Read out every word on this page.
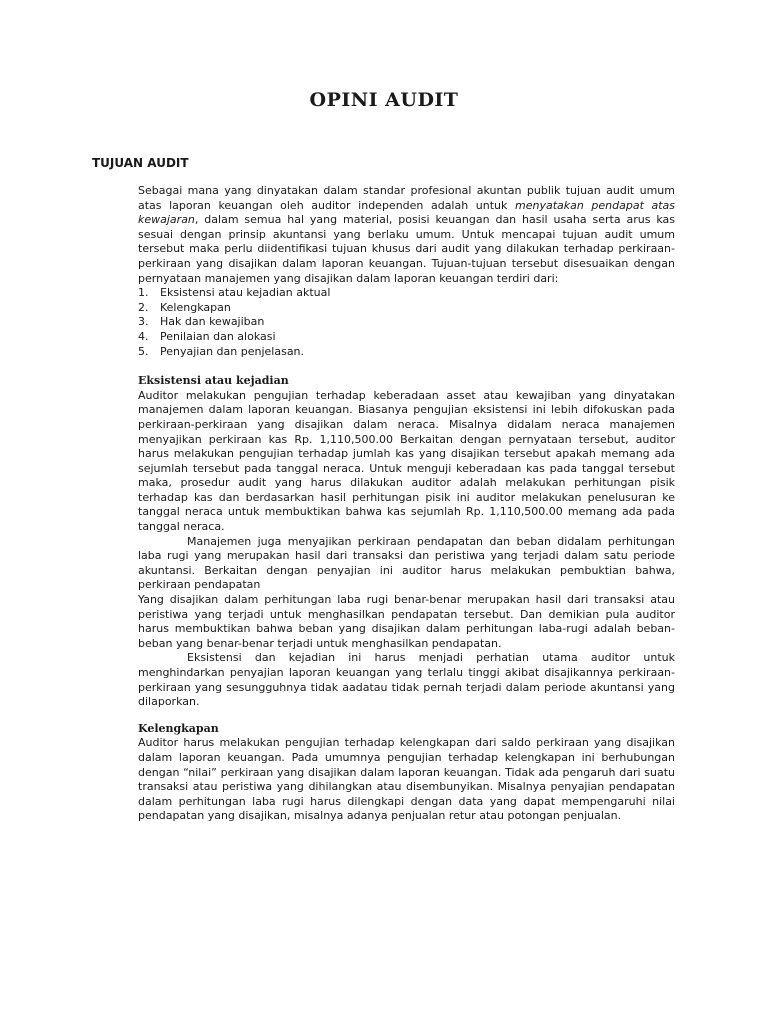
OPINI AUDIT
TUJUAN AUDIT

Sebagai mana yang dinyatakan dalam standar profesional akuntan publik tujuan audit umum atas laporan keuangan oleh auditor independen adalah untuk menyatakan pendapat atas kewajaran, dalam semua hal yang material, posisi keuangan dan hasil usaha serta arus kas sesuai dengan prinsip akuntansi yang berlaku umum. Untuk mencapai tujuan audit umum tersebut maka perlu diidentifikasi tujuan khusus dari audit yang dilakukan terhadap perkiraan-perkiraan yang disajikan dalam laporan keuangan. Tujuan-tujuan tersebut disesuaikan dengan pernyataan manajemen yang disajikan dalam laporan keuangan terdiri dari:

1. Eksistensi atau kejadian aktual
2. Kelengkapan
3. Hak dan kewajiban
4. Penilaian dan alokasi
5. Penyajian dan penjelasan.
Eksistensi atau kejadian

Auditor melakukan pengujian terhadap keberadaan asset atau kewajiban yang dinyatakan manajemen dalam laporan keuangan. Biasanya pengujian eksistensi ini lebih difokuskan pada perkiraan-perkiraan yang disajikan dalam neraca. Misalnya didalam neraca manajemen menyajikan perkiraan kas Rp. 1,110,500.00 Berkaitan dengan pernyataan tersebut, auditor harus melakukan pengujian terhadap jumlah kas yang disajikan tersebut apakah memang ada sejumlah tersebut pada tanggal neraca. Untuk menguji keberadaan kas pada tanggal tersebut maka, prosedur audit yang harus dilakukan auditor adalah melakukan perhitungan pisik terhadap kas dan berdasarkan hasil perhitungan pisik ini auditor melakukan penelusuran ke tanggal neraca untuk membuktikan bahwa kas sejumlah Rp. 1,110,500.00 memang ada pada tanggal neraca.

Manajemen juga menyajikan perkiraan pendapatan dan beban didalam perhitungan laba rugi yang merupakan hasil dari transaksi dan peristiwa yang terjadi dalam satu periode akuntansi. Berkaitan dengan penyajian ini auditor harus melakukan pembuktian bahwa, perkiraan pendapatan

Yang disajikan dalam perhitungan laba rugi benar-benar merupakan hasil dari transaksi atau peristiwa yang terjadi untuk menghasilkan pendapatan tersebut. Dan demikian pula auditor harus membuktikan bahwa beban yang disajikan dalam perhitungan laba-rugi adalah beban-beban yang benar-benar terjadi untuk menghasilkan pendapatan.

Eksistensi dan kejadian ini harus menjadi perhatian utama auditor untuk menghindarkan penyajian laporan keuangan yang terlalu tinggi akibat disajikannya perkiraan-perkiraan yang sesungguhnya tidak aadatau tidak pernah terjadi dalam periode akuntansi yang dilaporkan.

Kelengkapan

Auditor harus melakukan pengujian terhadap kelengkapan dari saldo perkiraan yang disajikan dalam laporan keuangan. Pada umumnya pengujian terhadap kelengkapan ini berhubungan dengan “nilai” perkiraan yang disajikan dalam laporan keuangan. Tidak ada pengaruh dari suatu transaksi atau peristiwa yang dihilangkan atau disembunyikan. Misalnya penyajian pendapatan dalam perhitungan laba rugi harus dilengkapi dengan data yang dapat mempengaruhi nilai pendapatan yang disajikan, misalnya adanya penjualan retur atau potongan penjualan.
